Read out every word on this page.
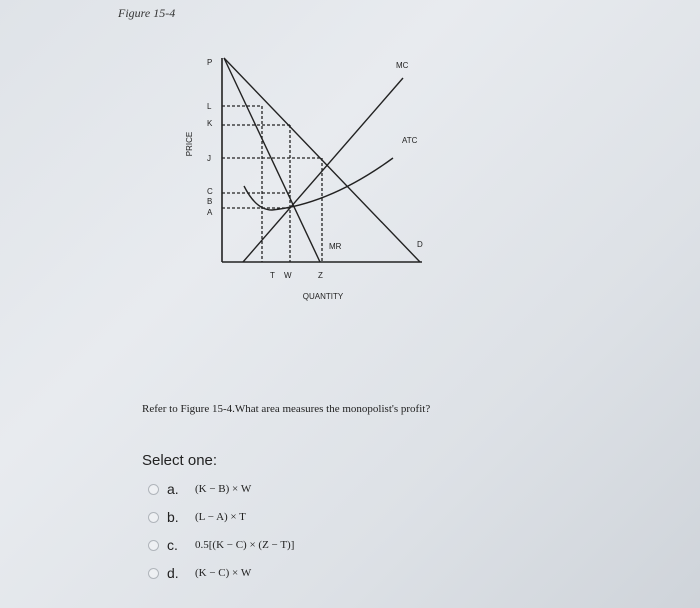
Figure 15-4
PRICE
P
L
K
J
C
B
A
T W	Z
QUANTITY
MC
ATC
MR	D
Refer to Figure 15-4.What area measures the monopolist's profit?
Select one:
a.	(K − B) × W
b.	(L − A) × T
c.	0.5[(K − C) × (Z − T)]
d.	(K − C) × W
